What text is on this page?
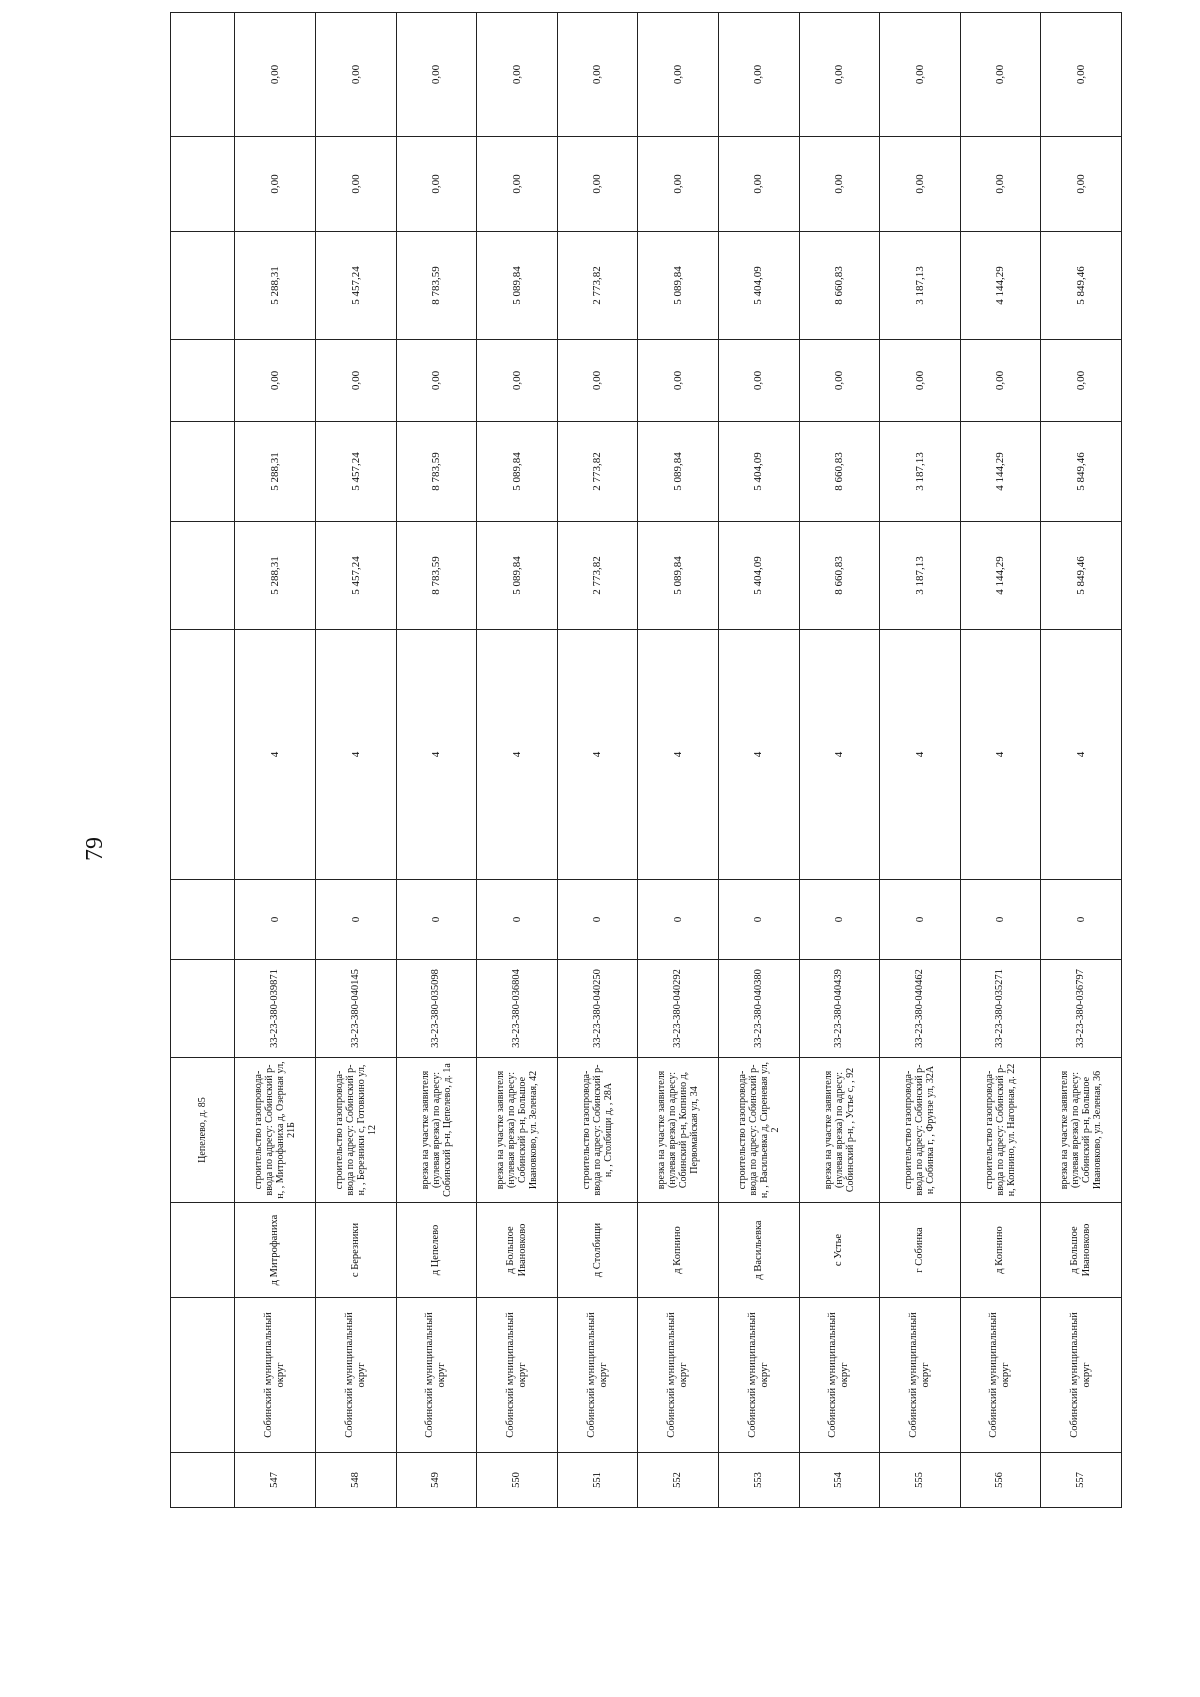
79
			Цепелево, д. 85									
547	Собинский муниципальный округ	д Митрофаниха	строительство газопровода-ввода по адресу: Собинский р-н, , Митрофаниха д, Озерная ул, 21Б	33-23-380-039871	0	4	5 288,31	5 288,31	0,00	5 288,31	0,00	0,00
548	Собинский муниципальный округ	с Березники	строительство газопровода-ввода по адресу: Собинский р-н, , Березники с, Готовкино ул, 12	33-23-380-040145	0	4	5 457,24	5 457,24	0,00	5 457,24	0,00	0,00
549	Собинский муниципальный округ	д Цепелево	врезка на участке заявителя (нулевая врезка) по адресу: Собинский р-н, Цепелево, д. 1а	33-23-380-035098	0	4	8 783,59	8 783,59	0,00	8 783,59	0,00	0,00
550	Собинский муниципальный округ	д Большое Ивановково	врезка на участке заявителя (нулевая врезка) по адресу: Собинский р-н, Большое Ивановково, ул. Зеленая, 42	33-23-380-036804	0	4	5 089,84	5 089,84	0,00	5 089,84	0,00	0,00
551	Собинский муниципальный округ	д Столбищи	строительство газопровода-ввода по адресу: Собинский р-н, , Столбищи д, , 28А	33-23-380-040250	0	4	2 773,82	2 773,82	0,00	2 773,82	0,00	0,00
552	Собинский муниципальный округ	д Копнино	врезка на участке заявителя (нулевая врезка) по адресу: Собинский р-н, Копнино д, Первомайская ул, 34	33-23-380-040292	0	4	5 089,84	5 089,84	0,00	5 089,84	0,00	0,00
553	Собинский муниципальный округ	д Васильевка	строительство газопровода-ввода по адресу: Собинский р-н, , Васильевка д, Сиреневая ул, 2	33-23-380-040380	0	4	5 404,09	5 404,09	0,00	5 404,09	0,00	0,00
554	Собинский муниципальный округ	с Устье	врезка на участке заявителя (нулевая врезка) по адресу: Собинский р-н, , Устье с, , 92	33-23-380-040439	0	4	8 660,83	8 660,83	0,00	8 660,83	0,00	0,00
555	Собинский муниципальный округ	г Собинка	строительство газопровода-ввода по адресу: Собинский р-н, Собинка г, , Фрунзе ул, 32А	33-23-380-040462	0	4	3 187,13	3 187,13	0,00	3 187,13	0,00	0,00
556	Собинский муниципальный округ	д Копнино	строительство газопровода-ввода по адресу: Собинский р-н, Копнино, ул. Нагорная, д. 22	33-23-380-035271	0	4	4 144,29	4 144,29	0,00	4 144,29	0,00	0,00
557	Собинский муниципальный округ	д Большое Ивановково	врезка на участке заявителя (нулевая врезка) по адресу: Собинский р-н, Большое Ивановково, ул. Зеленая, 36	33-23-380-036797	0	4	5 849,46	5 849,46	0,00	5 849,46	0,00	0,00
